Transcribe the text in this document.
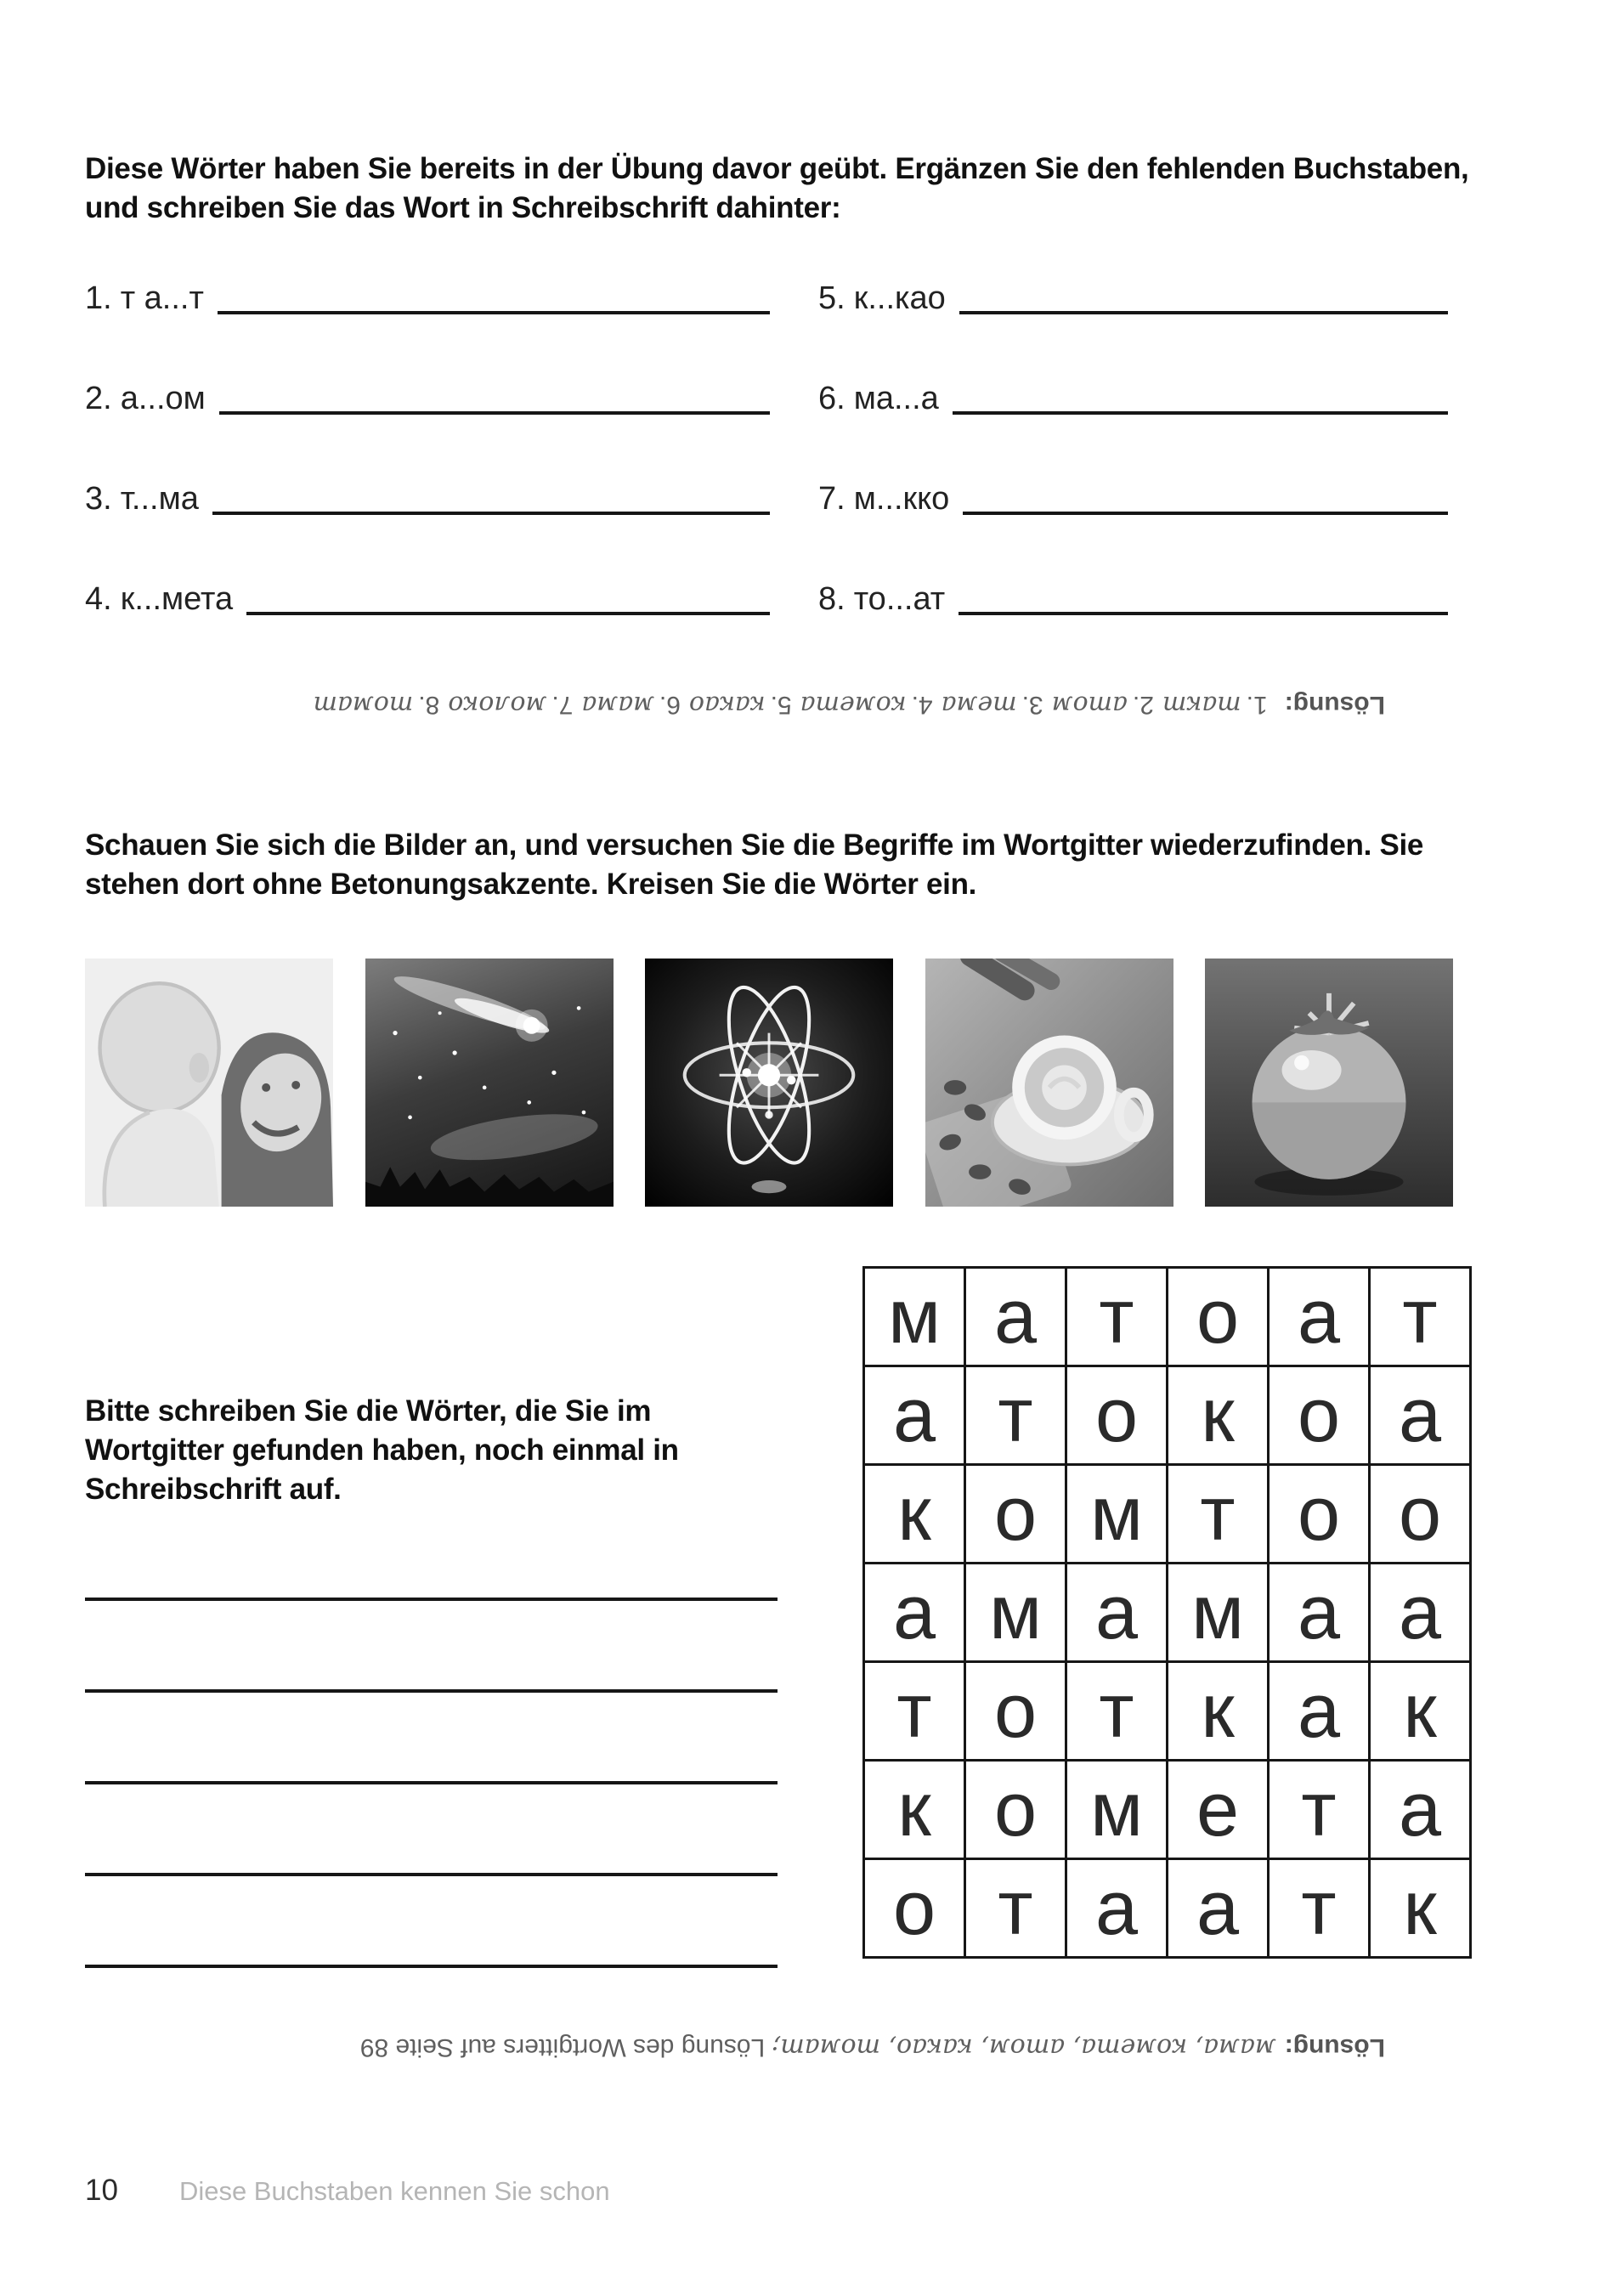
Diese Wörter haben Sie bereits in der Übung davor geübt. Ergänzen Sie den fehlenden Buchstaben, und schreiben Sie das Wort in Schreibschrift dahinter:
1. т а...т
2. а...ом
3. т...ма
4. к...мета
5. к...као
6. ма...а
7. м...кко
8. то...ат
Lösung:1.такт2.атом3.тема4.комета5.какао6.мама7.молоко8.томат
Schauen Sie sich die Bilder an, und versuchen Sie die Begriffe im Wortgitter wiederzufinden. Sie stehen dort ohne Betonungsakzente. Kreisen Sie die Wörter ein.
м	а	т	о	а	т
а	т	о	к	о	а
к	о	м	т	о	о
а	м	а	м	а	а
т	о	т	к	а	к
к	о	м	е	т	а
о	т	а	а	т	к
Bitte schreiben Sie die Wörter, die Sie im Wortgitter gefunden haben, noch einmal in Schreibschrift auf.
Lösung:мама, комета, атом, какао, томат;Lösung des Wortgitters auf Seite 89
10 Diese Buchstaben kennen Sie schon
